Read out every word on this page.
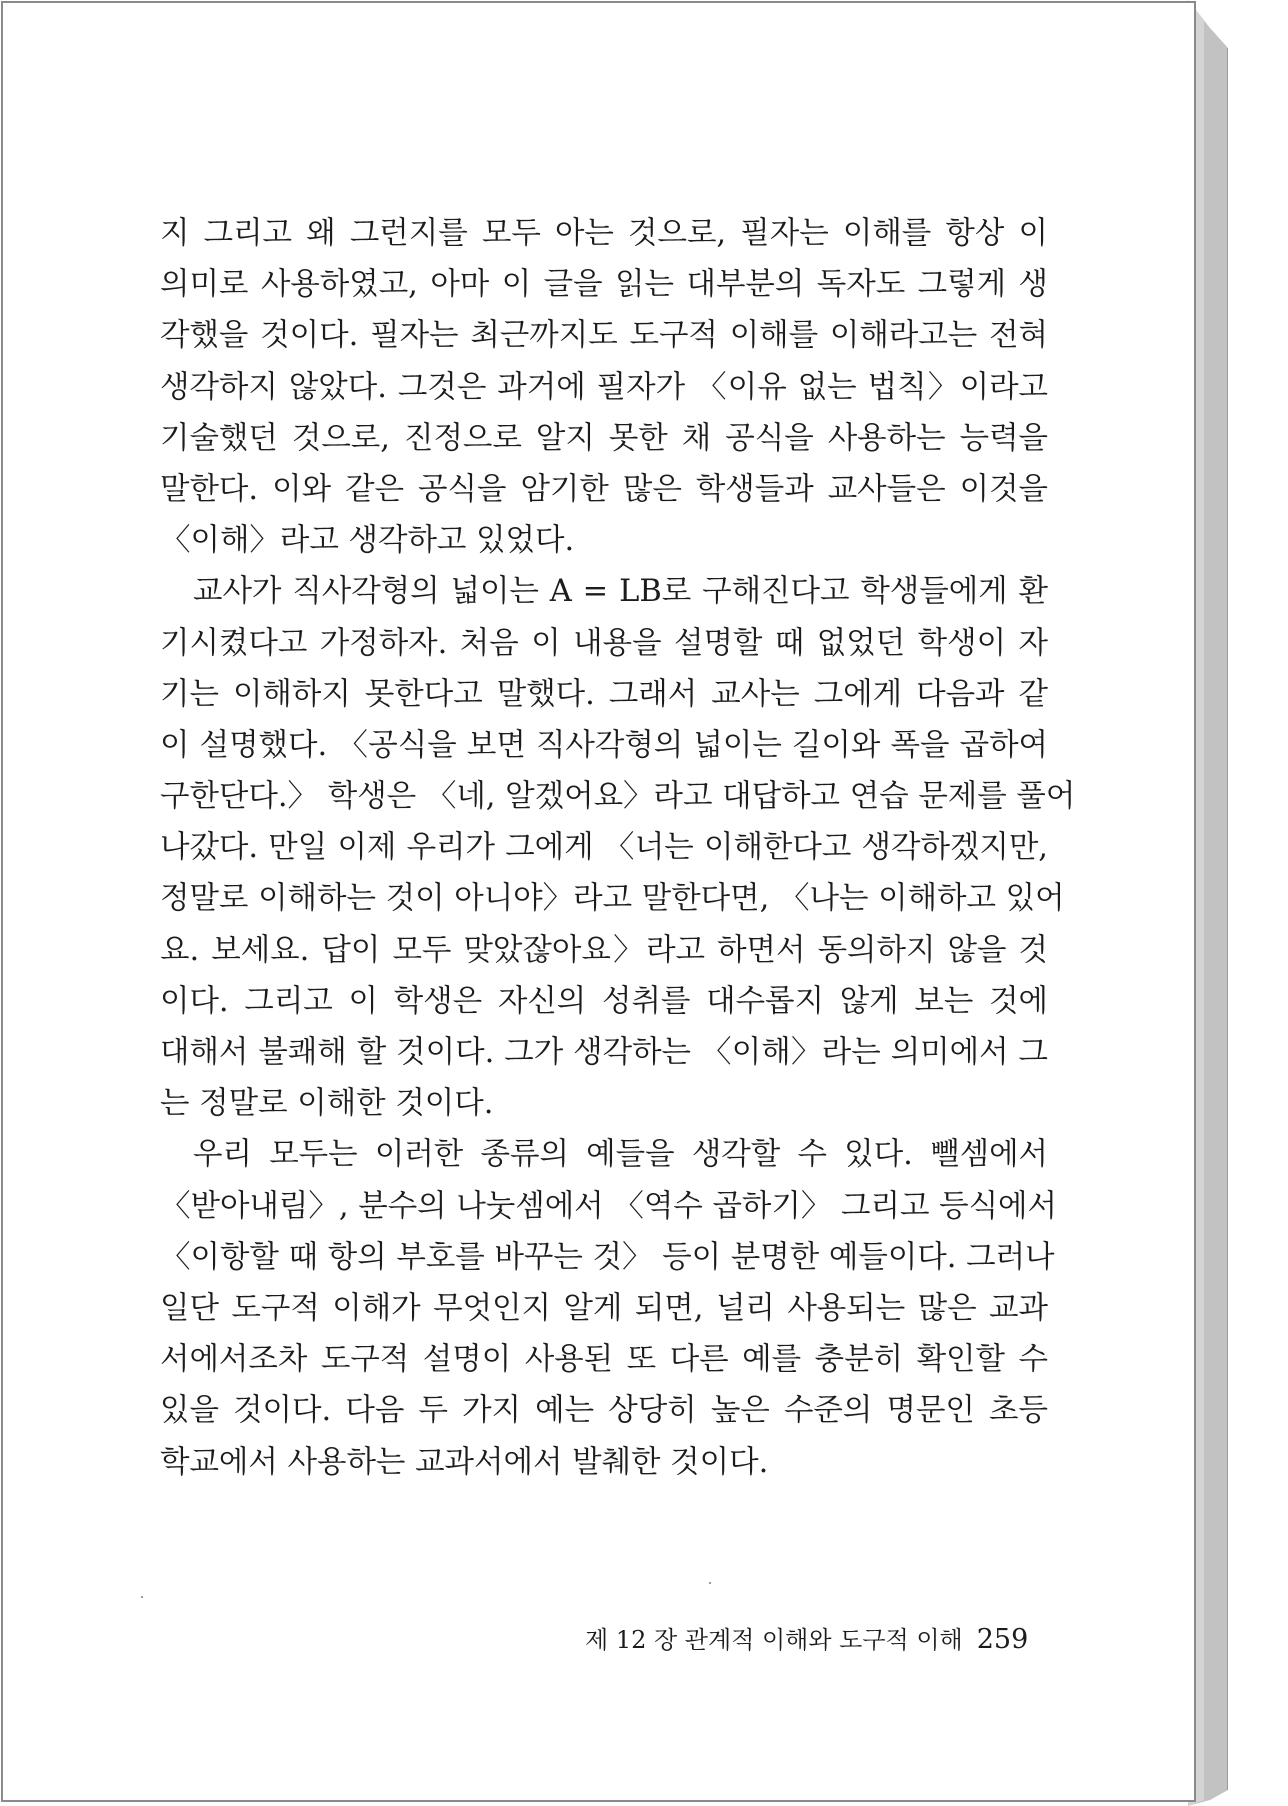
지 그리고 왜 그런지를 모두 아는 것으로, 필자는 이해를 항상 이
의미로 사용하였고, 아마 이 글을 읽는 대부분의 독자도 그렇게 생
각했을 것이다. 필자는 최근까지도 도구적 이해를 이해라고는 전혀
생각하지 않았다. 그것은 과거에 필자가 〈이유 없는 법칙〉이라고
기술했던 것으로, 진정으로 알지 못한 채 공식을 사용하는 능력을
말한다. 이와 같은 공식을 암기한 많은 학생들과 교사들은 이것을
〈이해〉라고 생각하고 있었다.
교사가 직사각형의 넓이는 A = LB로 구해진다고 학생들에게 환
기시켰다고 가정하자. 처음 이 내용을 설명할 때 없었던 학생이 자
기는 이해하지 못한다고 말했다. 그래서 교사는 그에게 다음과 같
이 설명했다. 〈공식을 보면 직사각형의 넓이는 길이와 폭을 곱하여
구한단다.〉 학생은 〈네, 알겠어요〉라고 대답하고 연습 문제를 풀어
나갔다. 만일 이제 우리가 그에게 〈너는 이해한다고 생각하겠지만,
정말로 이해하는 것이 아니야〉라고 말한다면, 〈나는 이해하고 있어
요. 보세요. 답이 모두 맞았잖아요〉라고 하면서 동의하지 않을 것
이다. 그리고 이 학생은 자신의 성취를 대수롭지 않게 보는 것에
대해서 불쾌해 할 것이다. 그가 생각하는 〈이해〉라는 의미에서 그
는 정말로 이해한 것이다.
우리 모두는 이러한 종류의 예들을 생각할 수 있다. 뺄셈에서
〈받아내림〉, 분수의 나눗셈에서 〈역수 곱하기〉 그리고 등식에서
〈이항할 때 항의 부호를 바꾸는 것〉 등이 분명한 예들이다. 그러나
일단 도구적 이해가 무엇인지 알게 되면, 널리 사용되는 많은 교과
서에서조차 도구적 설명이 사용된 또 다른 예를 충분히 확인할 수
있을 것이다. 다음 두 가지 예는 상당히 높은 수준의 명문인 초등
학교에서 사용하는 교과서에서 발췌한 것이다.
제 12 장 관계적 이해와 도구적 이해 259
